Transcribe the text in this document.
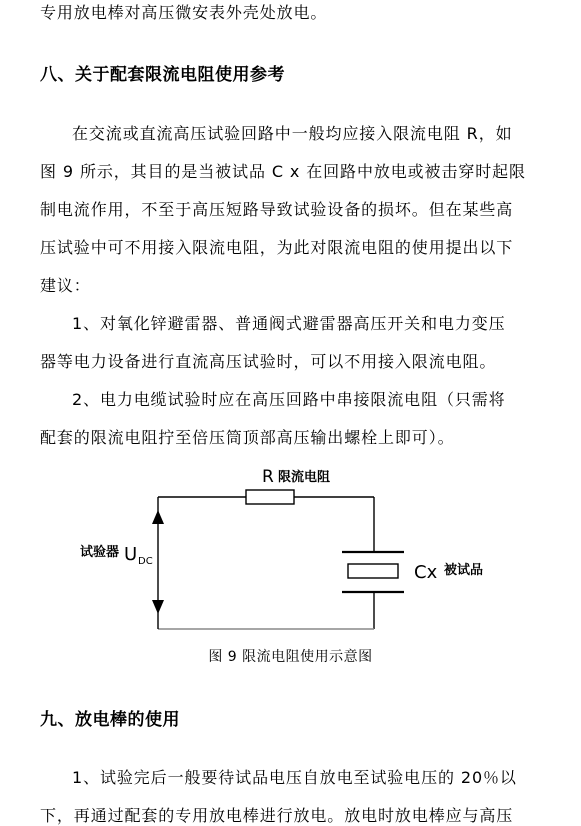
专用放电棒对高压微安表外壳处放电。
八、关于配套限流电阻使用参考
在交流或直流高压试验回路中一般均应接入限流电阻 R，如
图 9 所示，其目的是当被试品 C x 在回路中放电或被击穿时起限
制电流作用，不至于高压短路导致试验设备的损坏。但在某些高
压试验中可不用接入限流电阻，为此对限流电阻的使用提出以下
建议：
1、对氧化锌避雷器、普通阀式避雷器高压开关和电力变压
器等电力设备进行直流高压试验时，可以不用接入限流电阻。
2、电力电缆试验时应在高压回路中串接限流电阻（只需将
配套的限流电阻拧至倍压筒顶部高压输出螺栓上即可）。
R 限流电阻
试验器 U DC
Cx 被试品
图 9 限流电阻使用示意图
九、放电棒的使用
1、试验完后一般要待试品电压自放电至试验电压的 20％以
下，再通过配套的专用放电棒进行放电。放电时放电棒应与高压
